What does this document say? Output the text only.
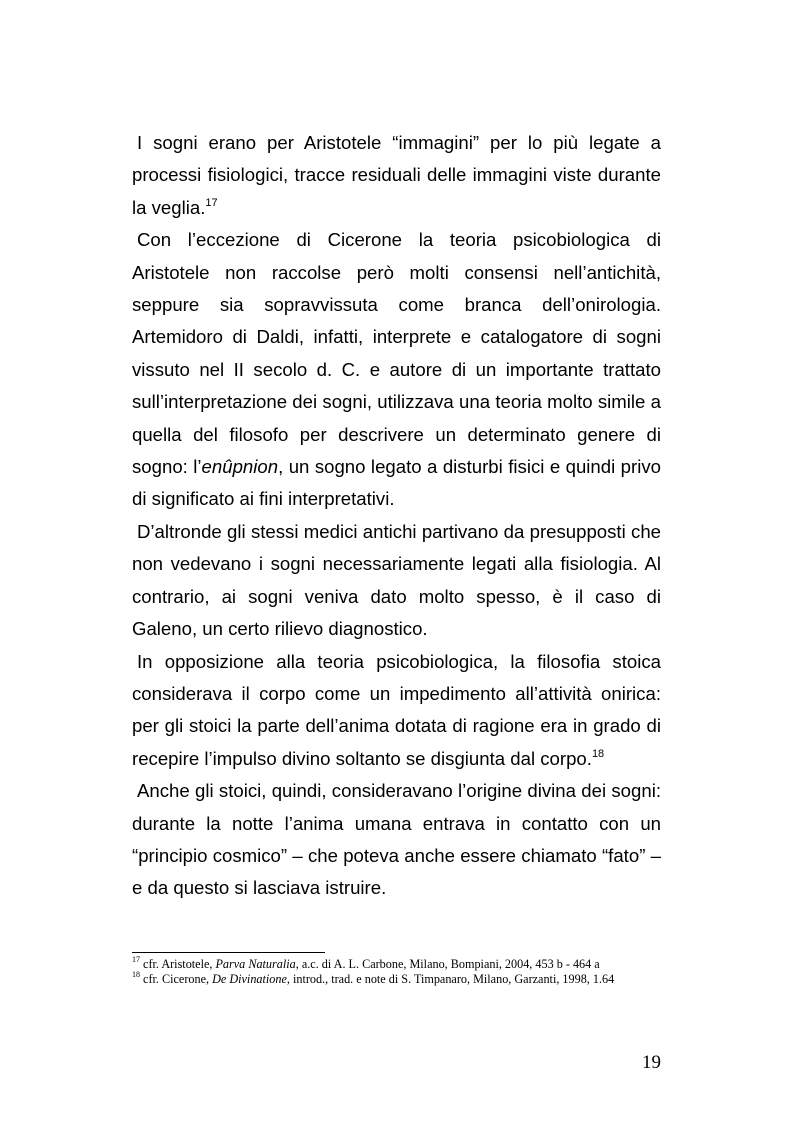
I sogni erano per Aristotele “immagini” per lo più legate a processi fisiologici, tracce residuali delle immagini viste durante la veglia.$^{17}$

Con l’eccezione di Cicerone la teoria psicobiologica di Aristotele non raccolse però molti consensi nell’antichità, seppure sia sopravvissuta come branca dell’onirologia. Artemidoro di Daldi, infatti, interprete e catalogatore di sogni vissuto nel II secolo d. C. e autore di un importante trattato sull’interpretazione dei sogni, utilizzava una teoria molto simile a quella del filosofo per descrivere un determinato genere di sogno: l’enûpnion, un sogno legato a disturbi fisici e quindi privo di significato ai fini interpretativi.

D’altronde gli stessi medici antichi partivano da presupposti che non vedevano i sogni necessariamente legati alla fisiologia. Al contrario, ai sogni veniva dato molto spesso, è il caso di Galeno, un certo rilievo diagnostico.

In opposizione alla teoria psicobiologica, la filosofia stoica considerava il corpo come un impedimento all’attività onirica: per gli stoici la parte dell’anima dotata di ragione era in grado di recepire l’impulso divino soltanto se disgiunta dal corpo.$^{18}$

Anche gli stoici, quindi, consideravano l’origine divina dei sogni: durante la notte l’anima umana entrava in contatto con un “principio cosmico” – che poteva anche essere chiamato “fato” – e da questo si lasciava istruire.

$^{17}$ cfr. Aristotele, Parva Naturalia, a.c. di A. L. Carbone, Milano, Bompiani, 2004, 453 b - 464 a
$^{18}$ cfr. Cicerone, De Divinatione, introd., trad. e note di S. Timpanaro, Milano, Garzanti, 1998, 1.64
19
